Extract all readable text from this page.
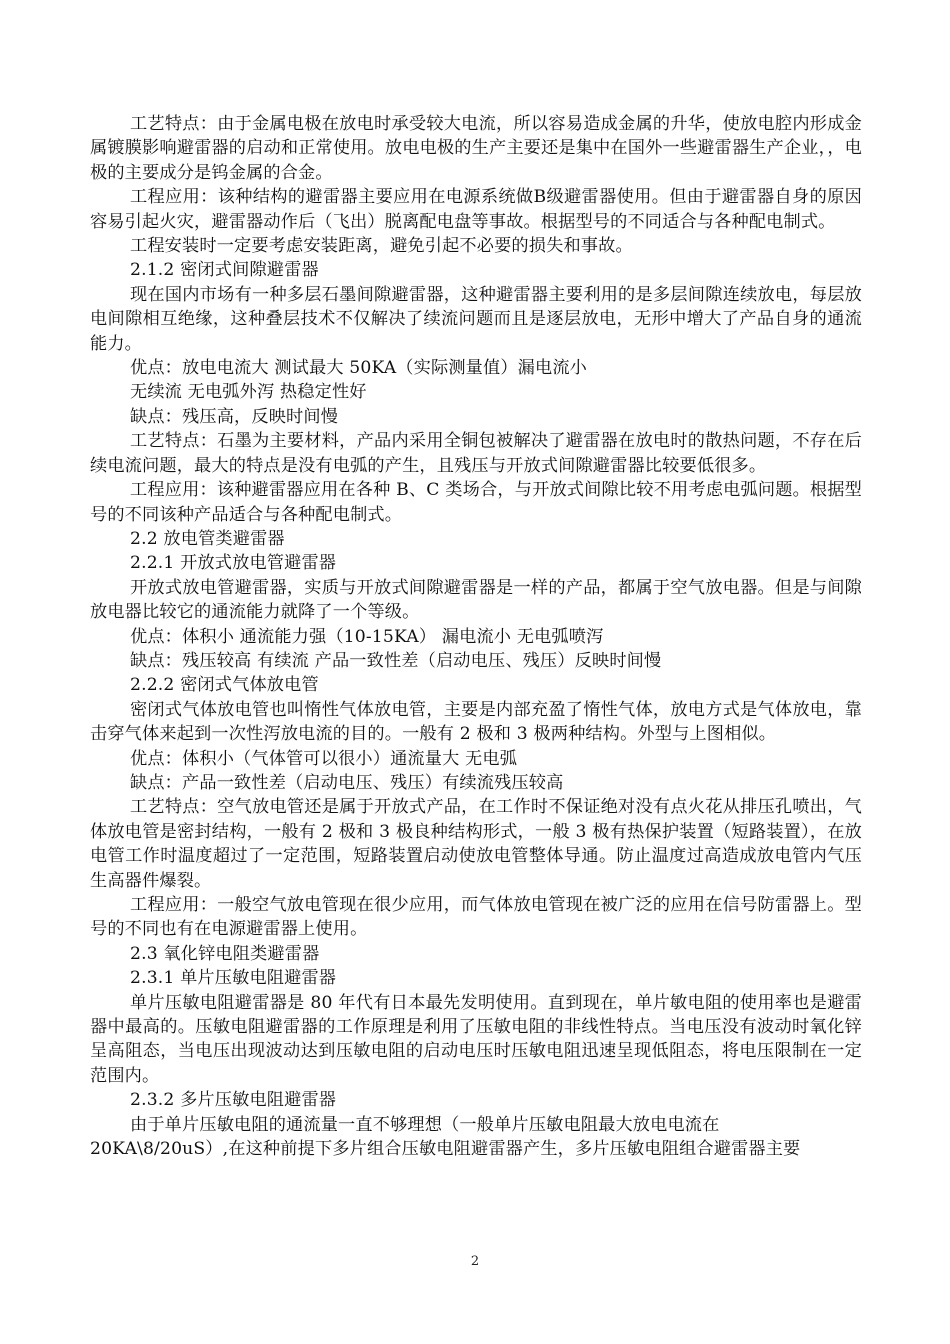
工艺特点：由于金属电极在放电时承受较大电流，所以容易造成金属的升华，使放电腔内形成金属镀膜影响避雷器的启动和正常使用。放电电极的生产主要还是集中在国外一些避雷器生产企业，，电极的主要成分是钨金属的合金。

工程应用：该种结构的避雷器主要应用在电源系统做B级避雷器使用。但由于避雷器自身的原因容易引起火灾，避雷器动作后（飞出）脱离配电盘等事故。根据型号的不同适合与各种配电制式。

工程安装时一定要考虑安装距离，避免引起不必要的损失和事故。

2.1.2 密闭式间隙避雷器

现在国内市场有一种多层石墨间隙避雷器，这种避雷器主要利用的是多层间隙连续放电，每层放电间隙相互绝缘，这种叠层技术不仅解决了续流问题而且是逐层放电，无形中增大了产品自身的通流能力。

优点：放电电流大 测试最大 50KA（实际测量值）漏电流小

无续流 无电弧外泻 热稳定性好

缺点：残压高，反映时间慢

工艺特点：石墨为主要材料，产品内采用全铜包被解决了避雷器在放电时的散热问题，不存在后续电流问题，最大的特点是没有电弧的产生，且残压与开放式间隙避雷器比较要低很多。

工程应用：该种避雷器应用在各种 B、C 类场合，与开放式间隙比较不用考虑电弧问题。根据型号的不同该种产品适合与各种配电制式。

2.2 放电管类避雷器

2.2.1 开放式放电管避雷器

开放式放电管避雷器，实质与开放式间隙避雷器是一样的产品，都属于空气放电器。但是与间隙放电器比较它的通流能力就降了一个等级。

优点：体积小 通流能力强（10-15KA） 漏电流小 无电弧喷泻

缺点：残压较高 有续流 产品一致性差（启动电压、残压）反映时间慢

2.2.2 密闭式气体放电管

密闭式气体放电管也叫惰性气体放电管，主要是内部充盈了惰性气体，放电方式是气体放电，靠击穿气体来起到一次性泻放电流的目的。一般有 2 极和 3 极两种结构。外型与上图相似。

优点：体积小（气体管可以很小）通流量大 无电弧

缺点：产品一致性差（启动电压、残压）有续流残压较高

工艺特点：空气放电管还是属于开放式产品，在工作时不保证绝对没有点火花从排压孔喷出，气体放电管是密封结构，一般有 2 极和 3 极良种结构形式，一般 3 极有热保护装置（短路装置），在放电管工作时温度超过了一定范围，短路装置启动使放电管整体导通。防止温度过高造成放电管内气压生高器件爆裂。

工程应用：一般空气放电管现在很少应用，而气体放电管现在被广泛的应用在信号防雷器上。型号的不同也有在电源避雷器上使用。

2.3 氧化锌电阻类避雷器

2.3.1 单片压敏电阻避雷器

单片压敏电阻避雷器是 80 年代有日本最先发明使用。直到现在，单片敏电阻的使用率也是避雷器中最高的。压敏电阻避雷器的工作原理是利用了压敏电阻的非线性特点。当电压没有波动时氧化锌呈高阻态，当电压出现波动达到压敏电阻的启动电压时压敏电阻迅速呈现低阻态，将电压限制在一定范围内。

2.3.2 多片压敏电阻避雷器

由于单片压敏电阻的通流量一直不够理想（一般单片压敏电阻最大放电电流在

20KA\8/20uS）,在这种前提下多片组合压敏电阻避雷器产生，多片压敏电阻组合避雷器主要

2
